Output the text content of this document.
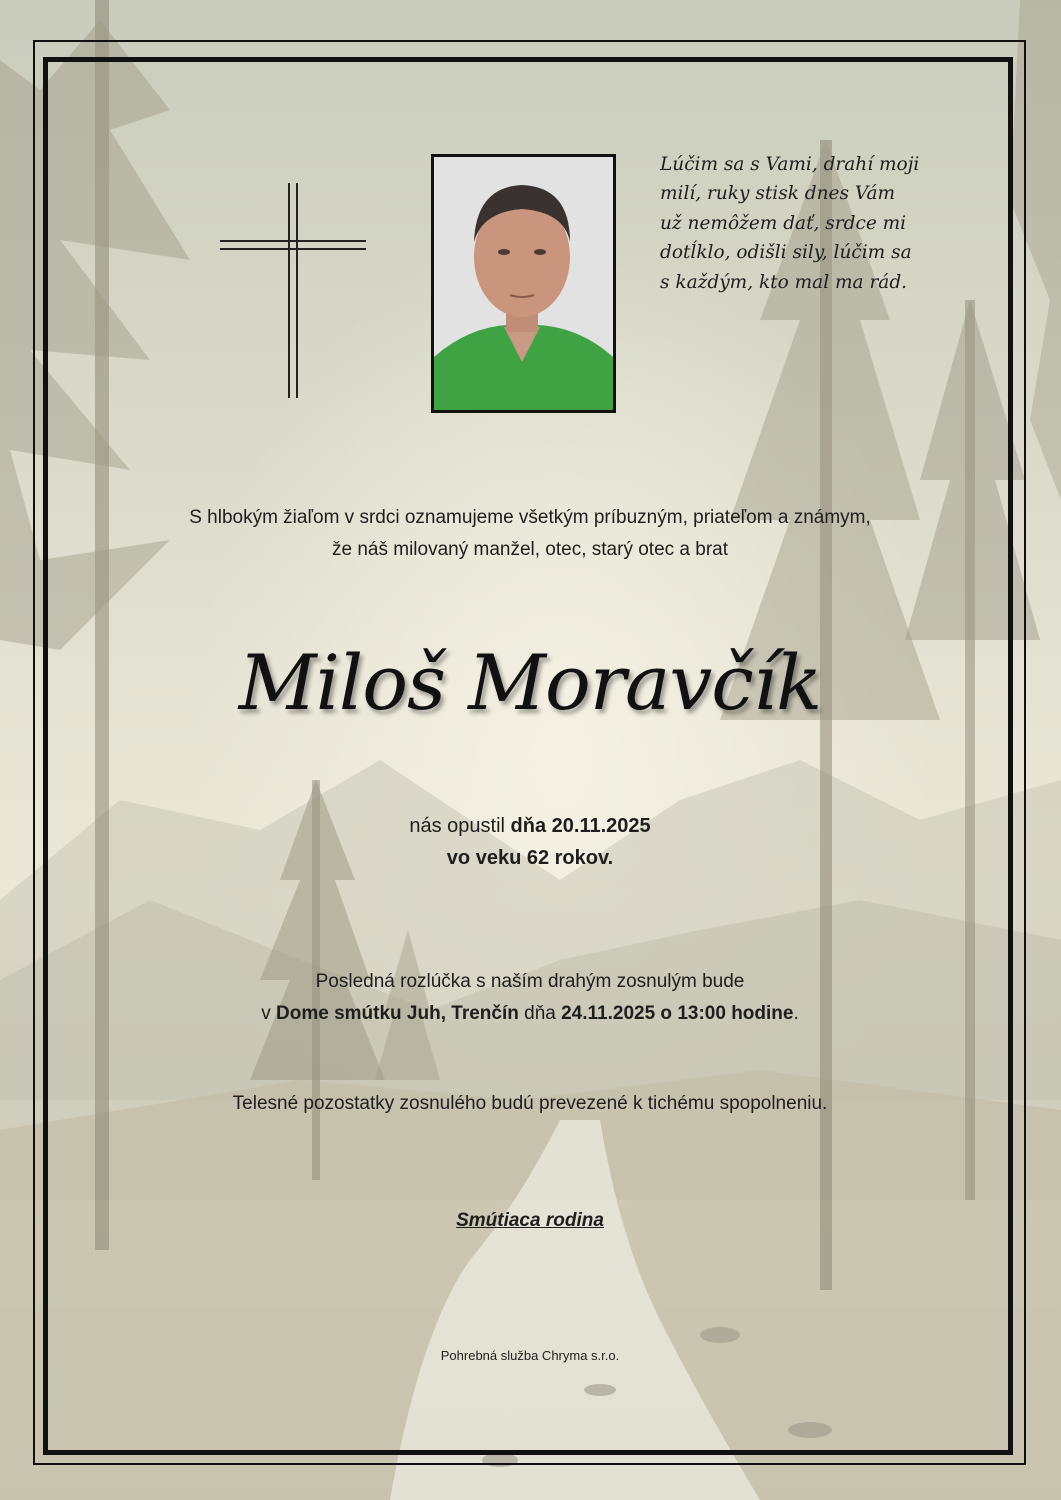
Lúčim sa s Vami, drahí moji
milí, ruky stisk dnes Vám
už nemôžem dať, srdce mi
dotĺklo, odišli sily, lúčim sa
s každým, kto mal ma rád.
S hlbokým žiaľom v srdci oznamujeme všetkým príbuzným, priateľom a známym,
že náš milovaný manžel, otec, starý otec a brat
Miloš Moravčík
nás opustil dňa 20.11.2025
vo veku 62 rokov.
Posledná rozlúčka s naším drahým zosnulým bude
v Dome smútku Juh, Trenčín dňa 24.11.2025 o 13:00 hodine.
Telesné pozostatky zosnulého budú prevezené k tichému spopolneniu.
Smútiaca rodina
Pohrebná služba Chryma s.r.o.
